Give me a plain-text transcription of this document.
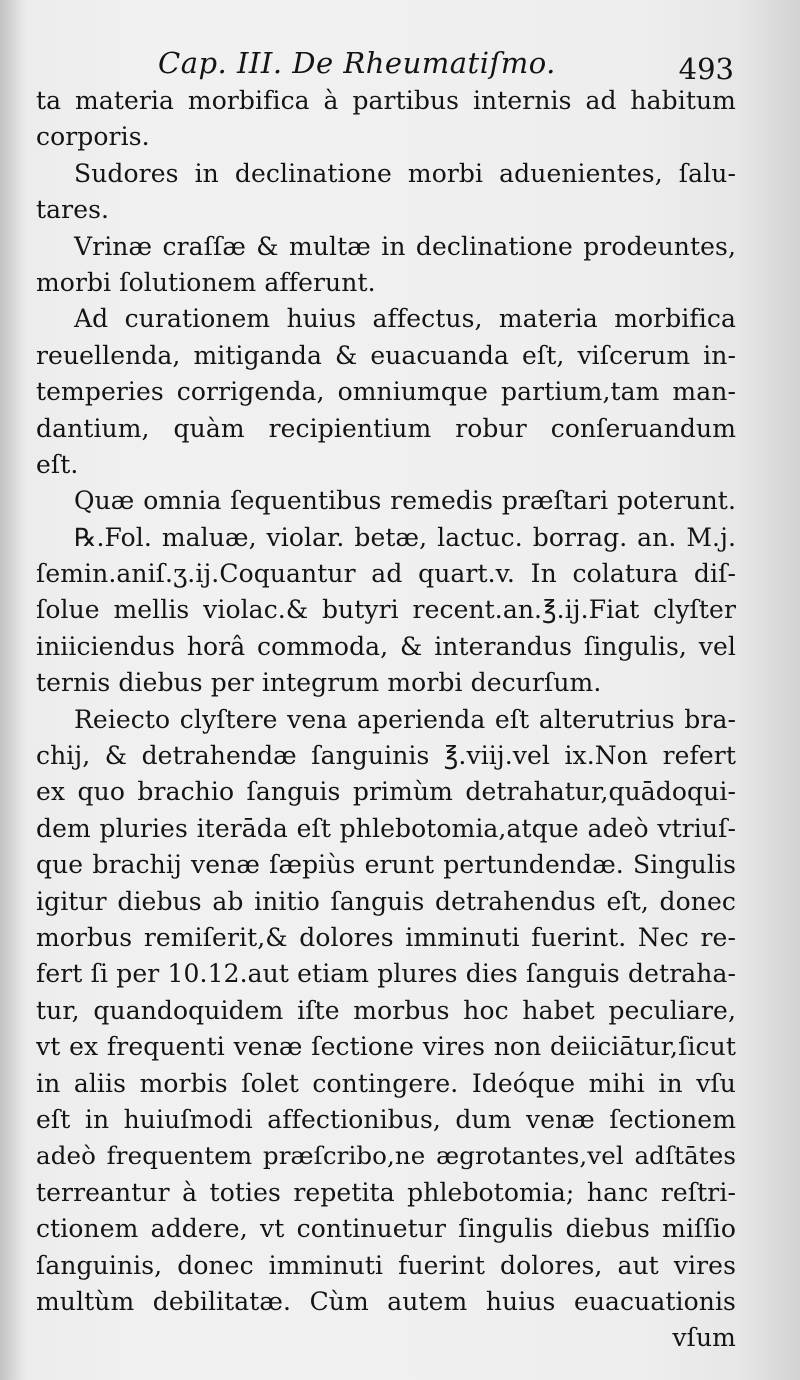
Cap. III. De Rheumatiſmo.	493
ta materia morbifica à partibus internis ad habitum
corporis.
Sudores in declinatione morbi aduenientes, ſalu-
tares.
Vrinæ craſſæ & multæ in declinatione prodeuntes,
morbi ſolutionem afferunt.
Ad curationem huius affectus, materia morbifica
reuellenda, mitiganda & euacuanda eſt, viſcerum in-
temperies corrigenda, omniumque partium,tam man-
dantium, quàm recipientium robur conſeruandum
eſt.
Quæ omnia ſequentibus remedis præſtari poterunt.
℞.Fol. maluæ, violar. betæ, lactuc. borrag. an. M.j.
ſemin.aniſ.ʒ.ij.Coquantur ad quart.v. In colatura diſ-
ſolue mellis violac.& butyri recent.an.℥.ij.Fiat clyſter
iniiciendus horâ commoda, & interandus ſingulis, vel
ternis diebus per integrum morbi decurſum.
Reiecto clyſtere vena aperienda eſt alterutrius bra-
chij, & detrahendæ ſanguinis ℥.viij.vel ix.Non refert
ex quo brachio ſanguis primùm detrahatur,quādoqui-
dem pluries iterāda eſt phlebotomia,atque adeò vtriuſ-
que brachij venæ ſæpiùs erunt pertundendæ. Singulis
igitur diebus ab initio ſanguis detrahendus eſt, donec
morbus remiſerit,& dolores imminuti fuerint. Nec re-
fert ſi per 10.12.aut etiam plures dies ſanguis detraha-
tur, quandoquidem iſte morbus hoc habet peculiare,
vt ex frequenti venæ ſectione vires non deiiciātur,ſicut
in aliis morbis ſolet contingere. Ideóque mihi in vſu
eſt in huiuſmodi affectionibus, dum venæ ſectionem
adeò frequentem præſcribo,ne ægrotantes,vel adſtātes
terreantur à toties repetita phlebotomia; hanc reſtri-
ctionem addere, vt continuetur ſingulis diebus miſſio
ſanguinis, donec imminuti fuerint dolores, aut vires
multùm debilitatæ. Cùm autem huius euacuationis
vſum
